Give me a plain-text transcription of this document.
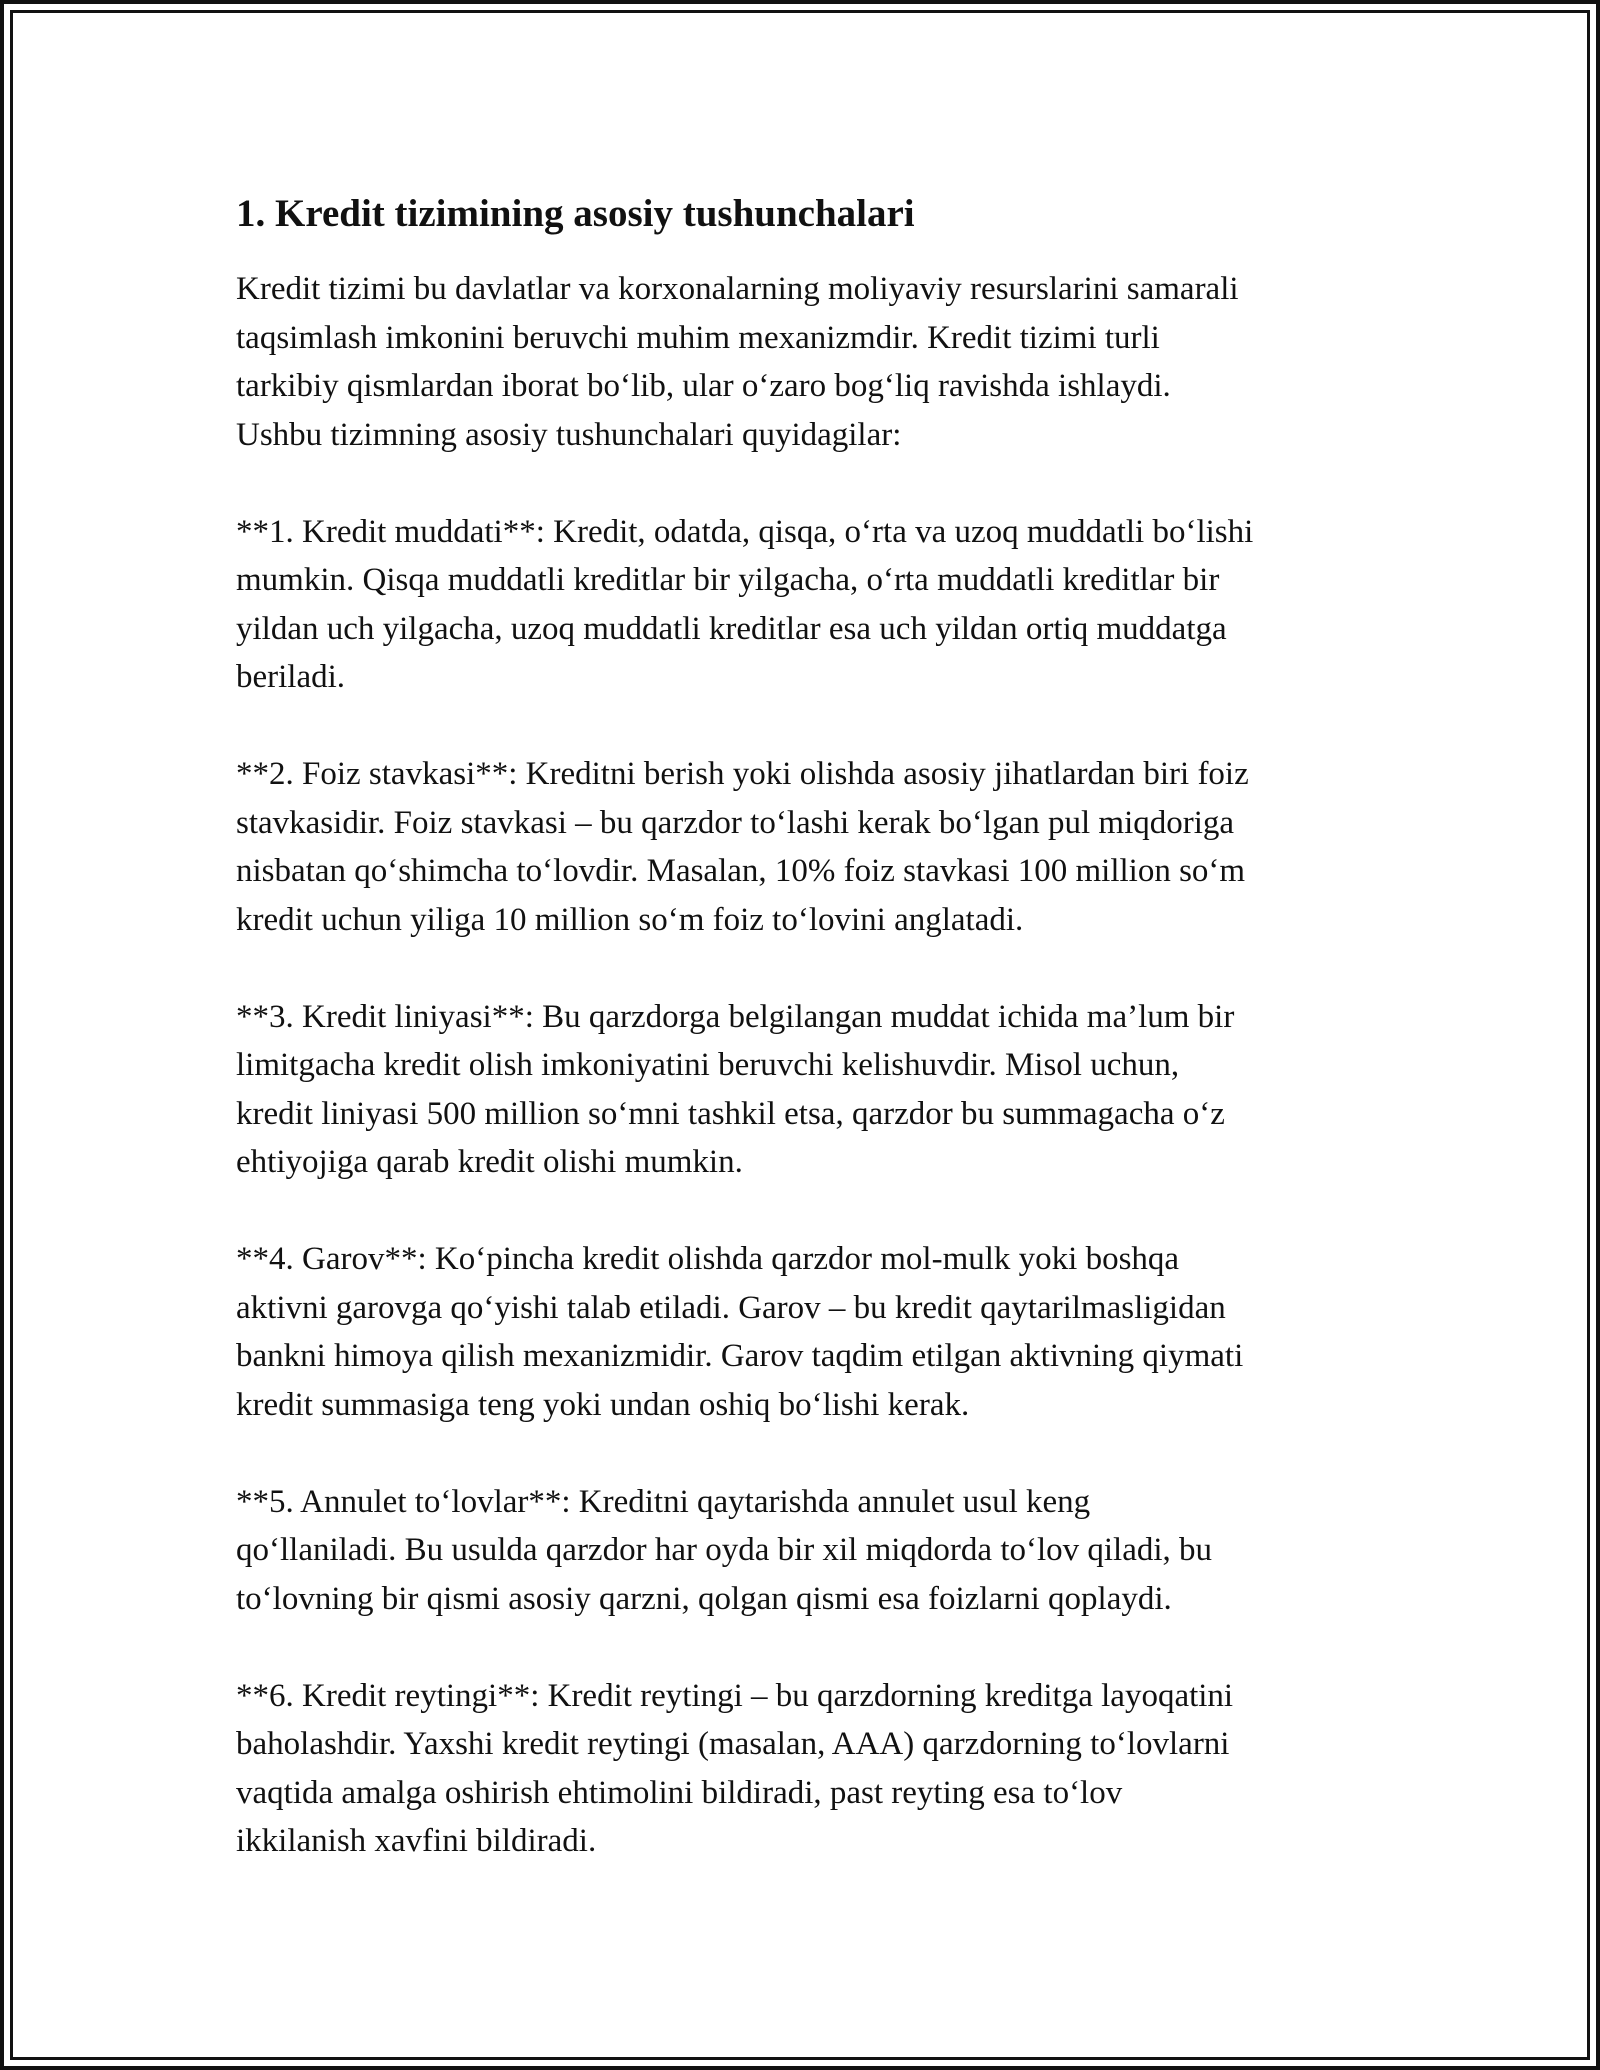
1. Kredit tizimining asosiy tushunchalari

Kredit tizimi bu davlatlar va korxonalarning moliyaviy resurslarini samarali
taqsimlash imkonini beruvchi muhim mexanizmdir. Kredit tizimi turli
tarkibiy qismlardan iborat bo‘lib, ular o‘zaro bog‘liq ravishda ishlaydi.
Ushbu tizimning asosiy tushunchalari quyidagilar:

**1. Kredit muddati**: Kredit, odatda, qisqa, o‘rta va uzoq muddatli bo‘lishi
mumkin. Qisqa muddatli kreditlar bir yilgacha, o‘rta muddatli kreditlar bir
yildan uch yilgacha, uzoq muddatli kreditlar esa uch yildan ortiq muddatga
beriladi.

**2. Foiz stavkasi**: Kreditni berish yoki olishda asosiy jihatlardan biri foiz
stavkasidir. Foiz stavkasi – bu qarzdor to‘lashi kerak bo‘lgan pul miqdoriga
nisbatan qo‘shimcha to‘lovdir. Masalan, 10% foiz stavkasi 100 million so‘m
kredit uchun yiliga 10 million so‘m foiz to‘lovini anglatadi.

**3. Kredit liniyasi**: Bu qarzdorga belgilangan muddat ichida ma’lum bir
limitgacha kredit olish imkoniyatini beruvchi kelishuvdir. Misol uchun,
kredit liniyasi 500 million so‘mni tashkil etsa, qarzdor bu summagacha o‘z
ehtiyojiga qarab kredit olishi mumkin.

**4. Garov**: Ko‘pincha kredit olishda qarzdor mol-mulk yoki boshqa
aktivni garovga qo‘yishi talab etiladi. Garov – bu kredit qaytarilmasligidan
bankni himoya qilish mexanizmidir. Garov taqdim etilgan aktivning qiymati
kredit summasiga teng yoki undan oshiq bo‘lishi kerak.

**5. Annulet to‘lovlar**: Kreditni qaytarishda annulet usul keng
qo‘llaniladi. Bu usulda qarzdor har oyda bir xil miqdorda to‘lov qiladi, bu
to‘lovning bir qismi asosiy qarzni, qolgan qismi esa foizlarni qoplaydi.

**6. Kredit reytingi**: Kredit reytingi – bu qarzdorning kreditga layoqatini
baholashdir. Yaxshi kredit reytingi (masalan, AAA) qarzdorning to‘lovlarni
vaqtida amalga oshirish ehtimolini bildiradi, past reyting esa to‘lov
ikkilanish xavfini bildiradi.
